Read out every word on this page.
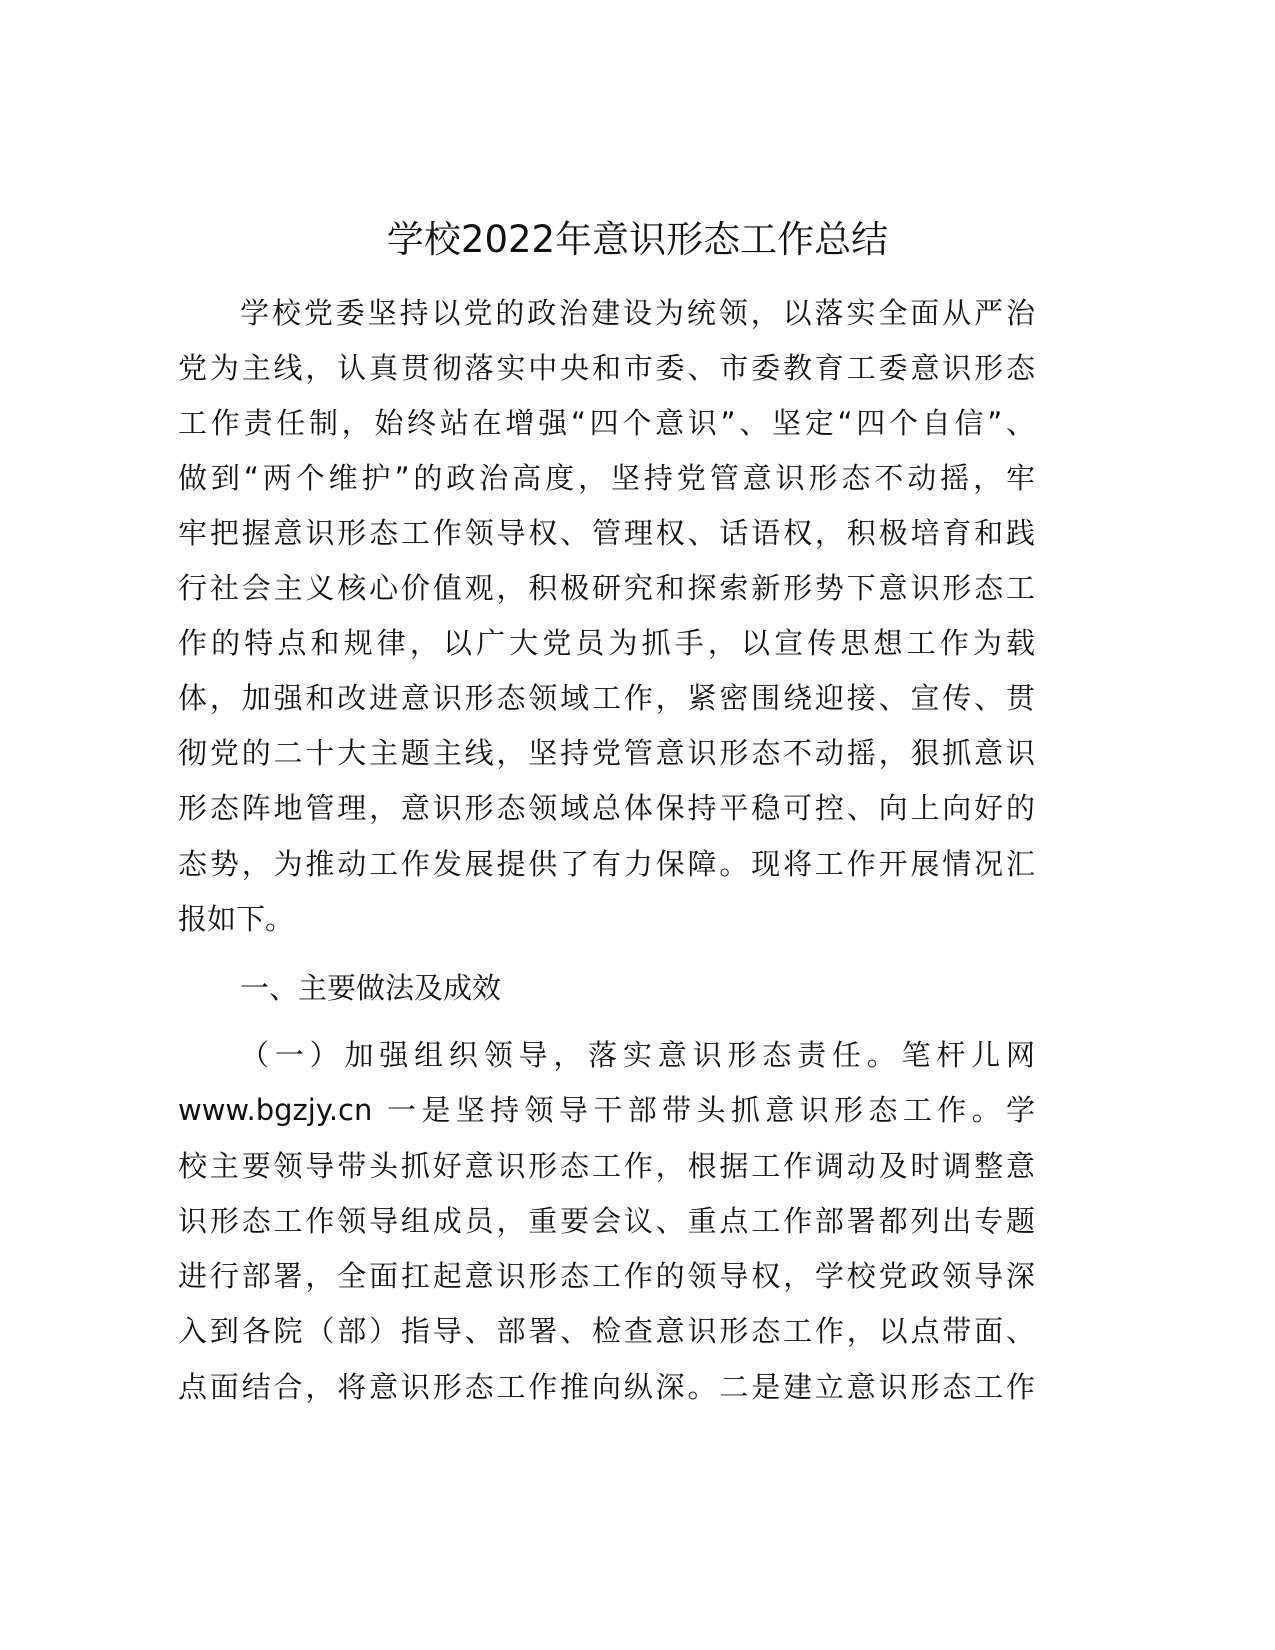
学校2022年意识形态工作总结
学校党委坚持以党的政治建设为统领，以落实全面从严治
党为主线，认真贯彻落实中央和市委、市委教育工委意识形态
工作责任制，始终站在增强“四个意识”、坚定“四个自信”、
做到“两个维护”的政治高度，坚持党管意识形态不动摇，牢
牢把握意识形态工作领导权、管理权、话语权，积极培育和践
行社会主义核心价值观，积极研究和探索新形势下意识形态工
作的特点和规律，以广大党员为抓手，以宣传思想工作为载
体，加强和改进意识形态领域工作，紧密围绕迎接、宣传、贯
彻党的二十大主题主线，坚持党管意识形态不动摇，狠抓意识
形态阵地管理，意识形态领域总体保持平稳可控、向上向好的
态势，为推动工作发展提供了有力保障。现将工作开展情况汇
报如下。
一、主要做法及成效
（一）加强组织领导，落实意识形态责任。笔杆儿网
www.bgzjy.cn 一是坚持领导干部带头抓意识形态工作。学
校主要领导带头抓好意识形态工作，根据工作调动及时调整意
识形态工作领导组成员，重要会议、重点工作部署都列出专题
进行部署，全面扛起意识形态工作的领导权，学校党政领导深
入到各院（部）指导、部署、检查意识形态工作，以点带面、
点面结合，将意识形态工作推向纵深。二是建立意识形态工作
